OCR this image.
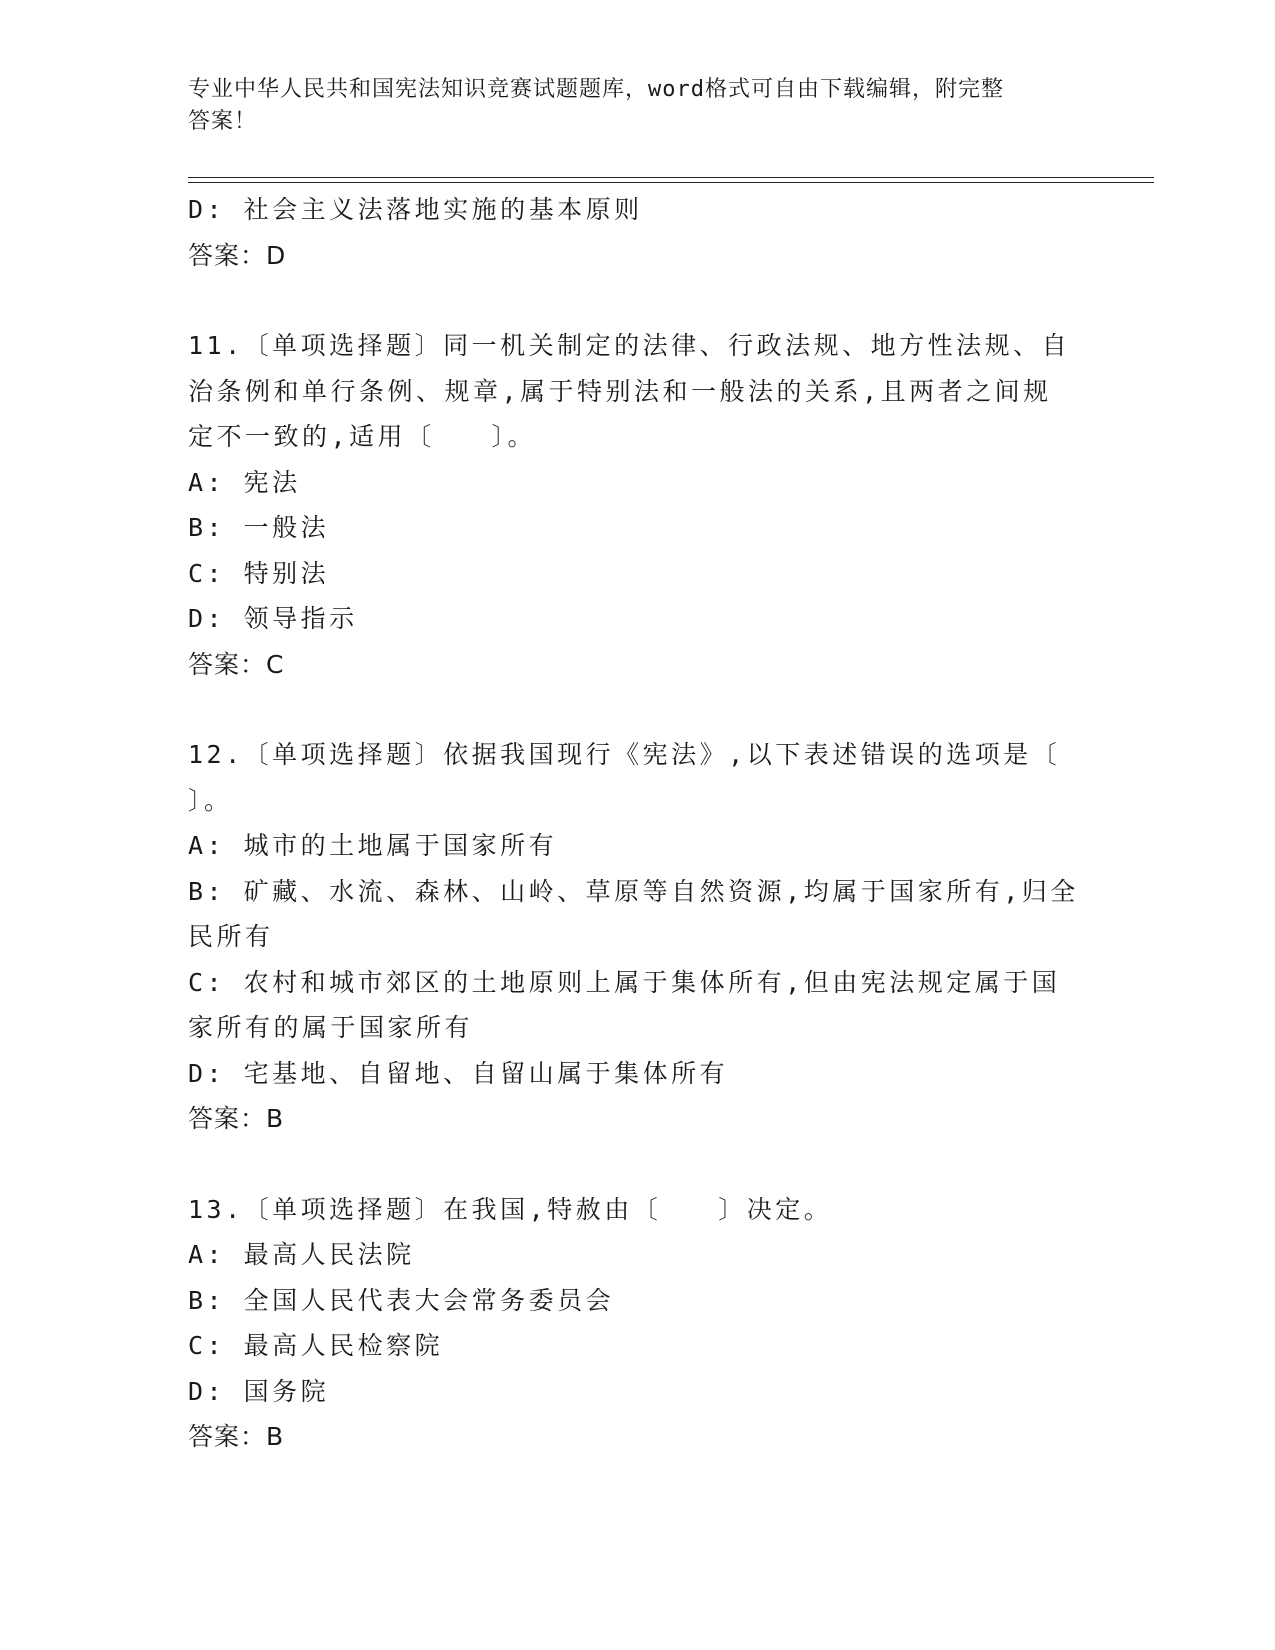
专业中华人民共和国宪法知识竞赛试题题库，word格式可自由下载编辑，附完整
答案！
D: 社会主义法落地实施的基本原则
答案：D
11.〔单项选择题〕同一机关制定的法律、行政法规、地方性法规、自
治条例和单行条例、规章,属于特别法和一般法的关系,且两者之间规
定不一致的,适用〔　　〕。
A: 宪法
B: 一般法
C: 特别法
D: 领导指示
答案：C
12.〔单项选择题〕依据我国现行《宪法》,以下表述错误的选项是〔
〕。
A: 城市的土地属于国家所有
B: 矿藏、水流、森林、山岭、草原等自然资源,均属于国家所有,归全
民所有
C: 农村和城市郊区的土地原则上属于集体所有,但由宪法规定属于国
家所有的属于国家所有
D: 宅基地、自留地、自留山属于集体所有
答案：B
13.〔单项选择题〕在我国,特赦由〔　　〕决定。
A: 最高人民法院
B: 全国人民代表大会常务委员会
C: 最高人民检察院
D: 国务院
答案：B
